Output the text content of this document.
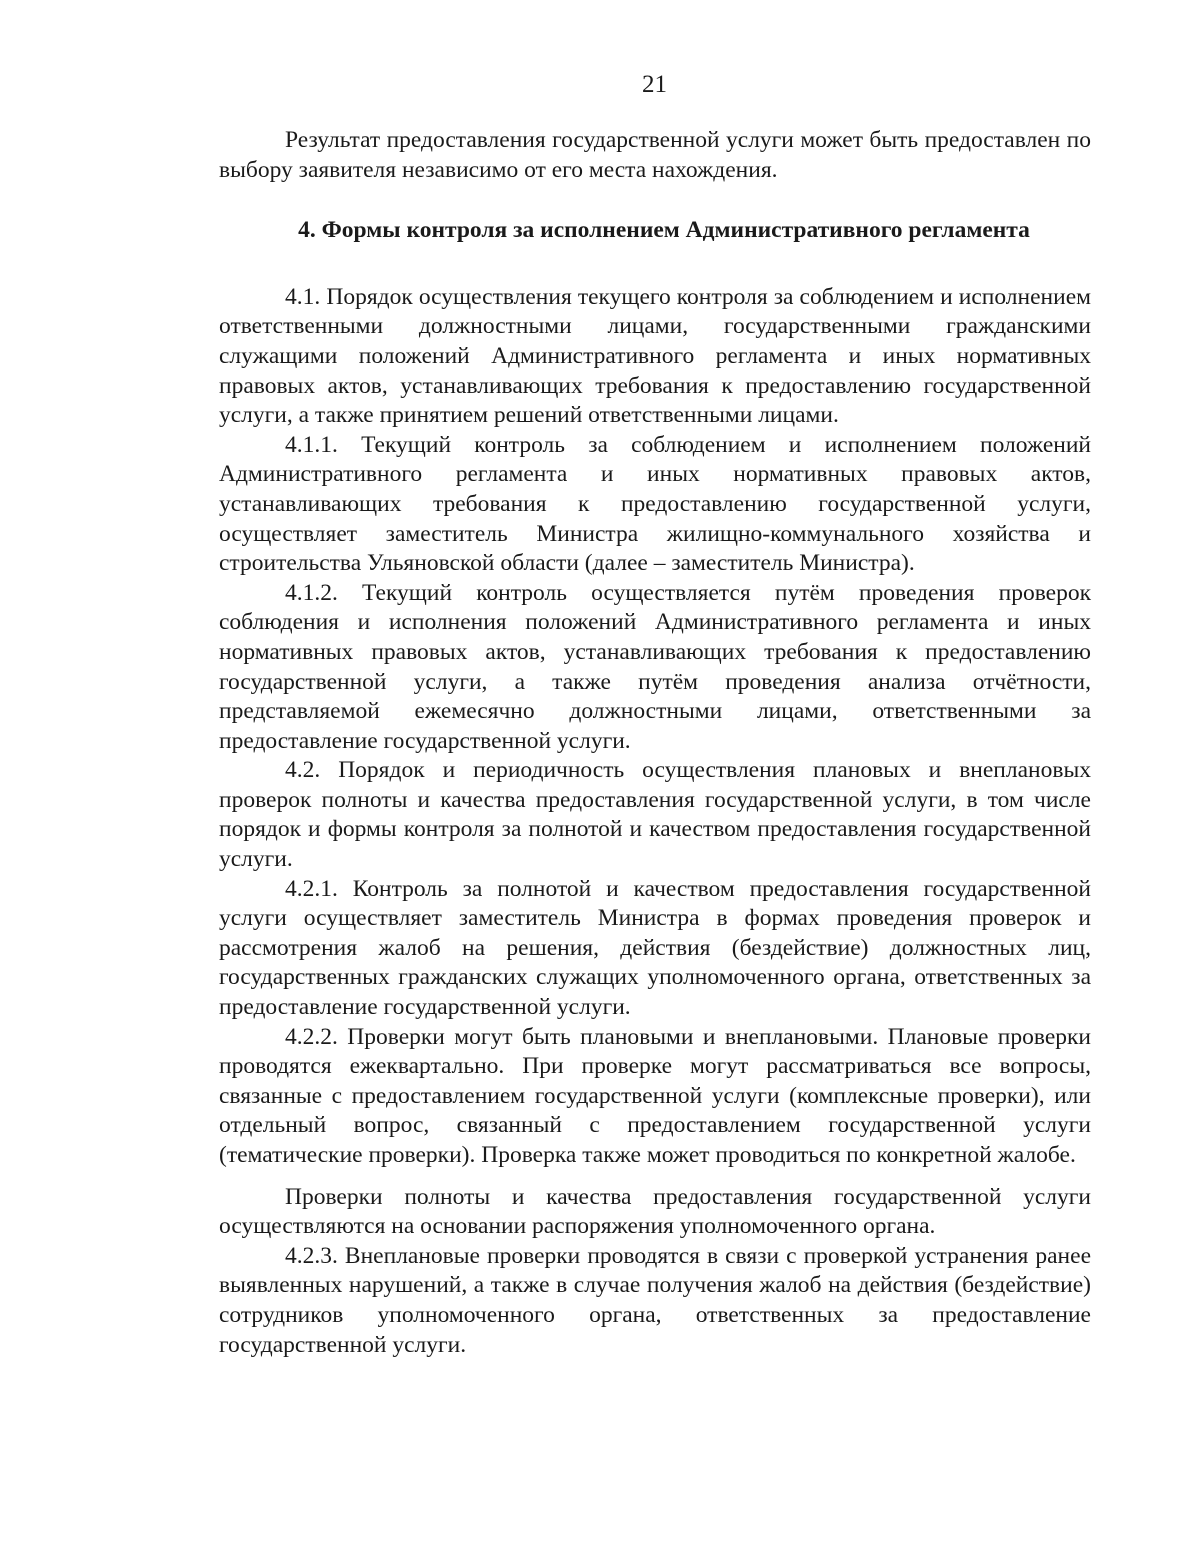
21

Результат предоставления государственной услуги может быть предоставлен по выбору заявителя независимо от его места нахождения.

4. Формы контроля за исполнением Административного регламента

4.1. Порядок осуществления текущего контроля за соблюдением и исполнением ответственными должностными лицами, государственными гражданскими служащими положений Административного регламента и иных нормативных правовых актов, устанавливающих требования к предоставлению государственной услуги, а также принятием решений ответственными лицами.

4.1.1. Текущий контроль за соблюдением и исполнением положений Административного регламента и иных нормативных правовых актов, устанавливающих требования к предоставлению государственной услуги, осуществляет заместитель Министра жилищно-коммунального хозяйства и строительства Ульяновской области (далее – заместитель Министра).

4.1.2. Текущий контроль осуществляется путём проведения проверок соблюдения и исполнения положений Административного регламента и иных нормативных правовых актов, устанавливающих требования к предоставлению государственной услуги, а также путём проведения анализа отчётности, представляемой ежемесячно должностными лицами, ответственными за предоставление государственной услуги.

4.2. Порядок и периодичность осуществления плановых и внеплановых проверок полноты и качества предоставления государственной услуги, в том числе порядок и формы контроля за полнотой и качеством предоставления государственной услуги.

4.2.1. Контроль за полнотой и качеством предоставления государственной услуги осуществляет заместитель Министра в формах проведения проверок и рассмотрения жалоб на решения, действия (бездействие) должностных лиц, государственных гражданских служащих уполномоченного органа, ответственных за предоставление государственной услуги.

4.2.2. Проверки могут быть плановыми и внеплановыми. Плановые проверки проводятся ежеквартально. При проверке могут рассматриваться все вопросы, связанные с предоставлением государственной услуги (комплексные проверки), или отдельный вопрос, связанный с предоставлением государственной услуги (тематические проверки). Проверка также может проводиться по конкретной жалобе.

Проверки полноты и качества предоставления государственной услуги осуществляются на основании распоряжения уполномоченного органа.

4.2.3. Внеплановые проверки проводятся в связи с проверкой устранения ранее выявленных нарушений, а также в случае получения жалоб на действия (бездействие) сотрудников уполномоченного органа, ответственных за предоставление государственной услуги.
